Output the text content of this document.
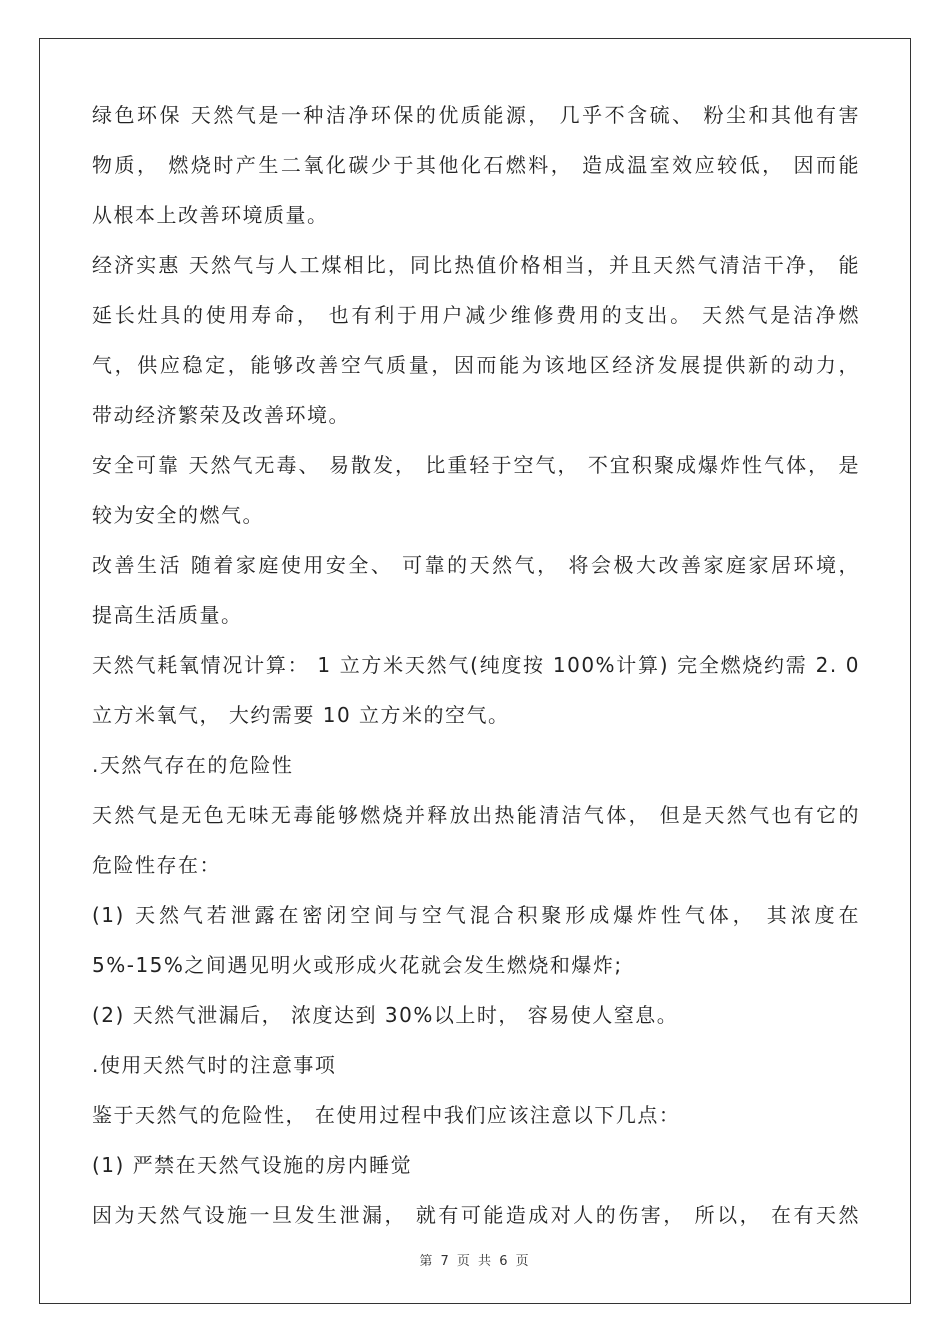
绿色环保 天然气是一种洁净环保的优质能源， 几乎不含硫、 粉尘和其他有害
物质， 燃烧时产生二氧化碳少于其他化石燃料， 造成温室效应较低， 因而能
从根本上改善环境质量。
经济实惠 天然气与人工煤相比，同比热值价格相当，并且天然气清洁干净， 能
延长灶具的使用寿命， 也有利于用户减少维修费用的支出。 天然气是洁净燃
气，供应稳定，能够改善空气质量，因而能为该地区经济发展提供新的动力，
带动经济繁荣及改善环境。
安全可靠 天然气无毒、 易散发， 比重轻于空气， 不宜积聚成爆炸性气体， 是
较为安全的燃气。
改善生活 随着家庭使用安全、 可靠的天然气， 将会极大改善家庭家居环境，
提高生活质量。
天然气耗氧情况计算： 1 立方米天然气(纯度按 100%计算) 完全燃烧约需 2. 0
立方米氧气， 大约需要 10 立方米的空气。
.天然气存在的危险性
天然气是无色无味无毒能够燃烧并释放出热能清洁气体， 但是天然气也有它的
危险性存在：
(1) 天然气若泄露在密闭空间与空气混合积聚形成爆炸性气体， 其浓度在
5%-15%之间遇见明火或形成火花就会发生燃烧和爆炸;
(2) 天然气泄漏后， 浓度达到 30%以上时， 容易使人窒息。
.使用天然气时的注意事项
鉴于天然气的危险性， 在使用过程中我们应该注意以下几点：
(1) 严禁在天然气设施的房内睡觉
因为天然气设施一旦发生泄漏， 就有可能造成对人的伤害， 所以， 在有天然
第 7 页 共 6 页
